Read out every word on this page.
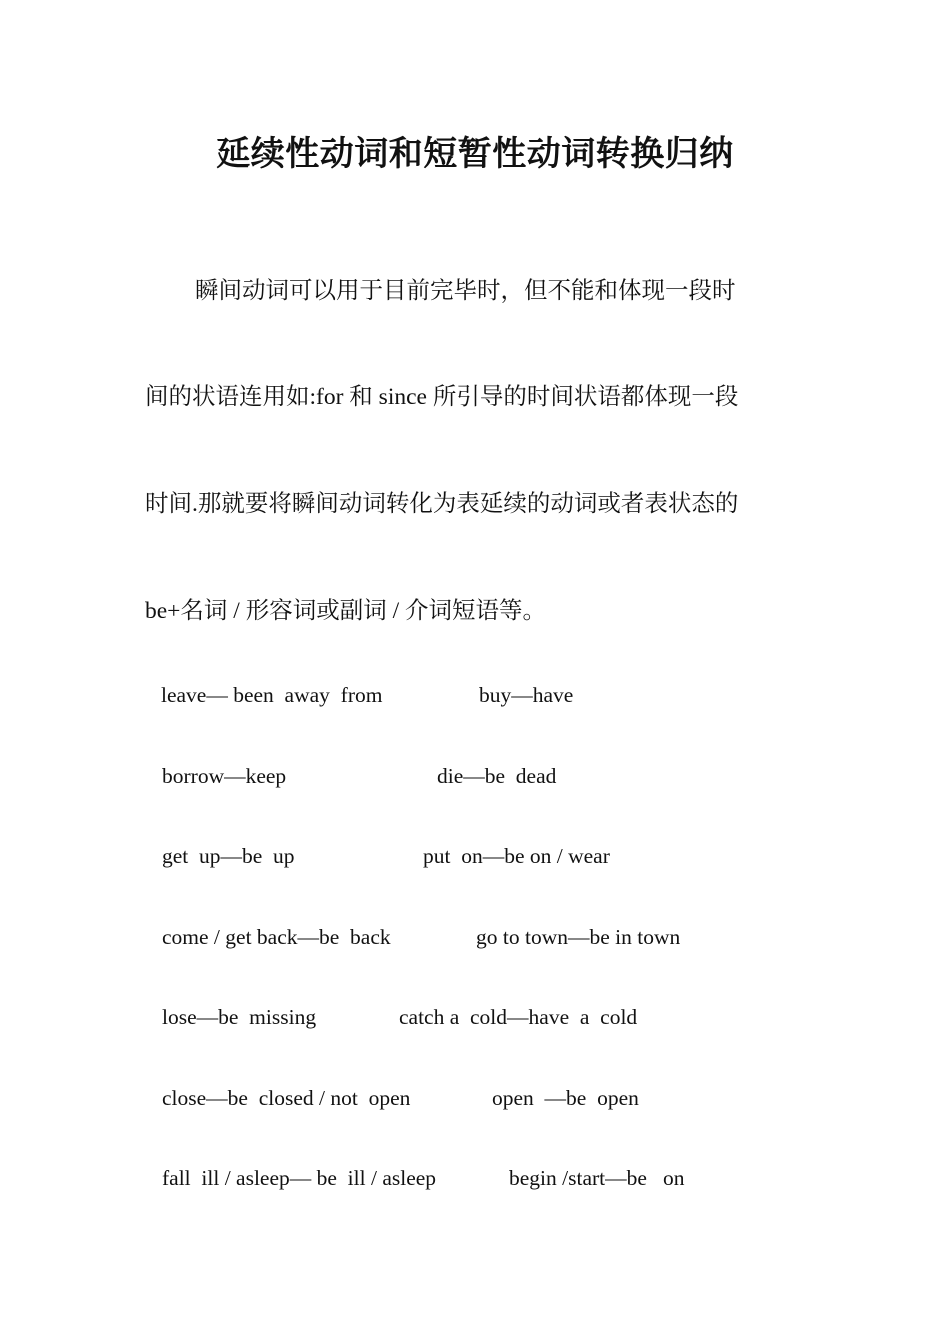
延续性动词和短暂性动词转换归纳
瞬间动词可以用于目前完毕时，但不能和体现一段时
间的状语连用如:for 和 since 所引导的时间状语都体现一段
时间.那就要将瞬间动词转化为表延续的动词或者表状态的
be+名词 / 形容词或副词 / 介词短语等。
leave— been  away  from	buy—have
borrow—keep	die—be  dead
get  up—be  up	put  on—be on / wear
come / get back—be  back	go to town—be in town
lose—be  missing	catch a  cold—have  a  cold
close—be  closed / not  open	open  —be  open
fall  ill / asleep— be  ill / asleep	begin /start—be   on
